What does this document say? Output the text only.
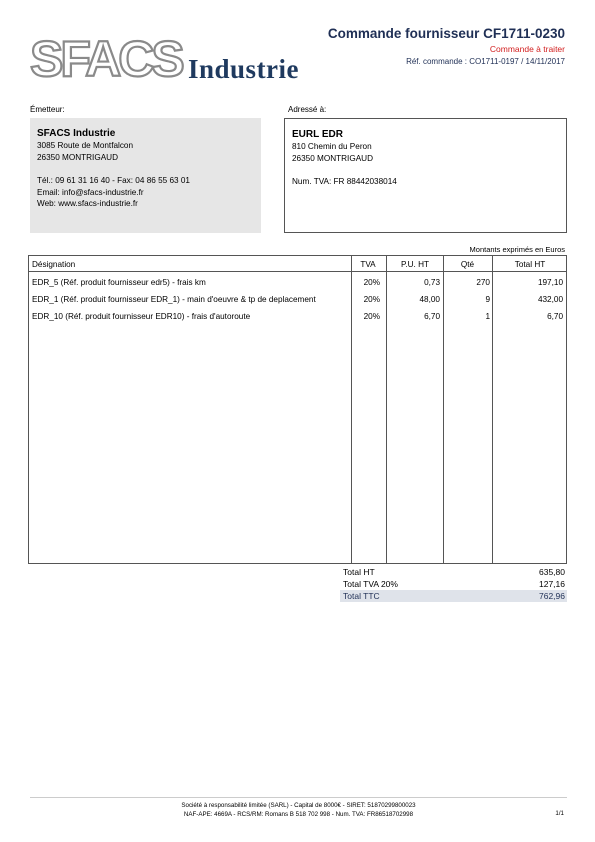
SFACS Industrie
Commande fournisseur CF1711-0230
Commande à traiter
Réf. commande : CO1711-0197 / 14/11/2017
Émetteur:
SFACS Industrie
3085 Route de Montfalcon
26350 MONTRIGAUD
Tél.: 09 61 31 16 40 - Fax: 04 86 55 63 01
Email: info@sfacs-industrie.fr
Web: www.sfacs-industrie.fr
Adressé à:
EURL EDR
810 Chemin du Peron
26350 MONTRIGAUD
Num. TVA: FR 88442038014
Montants exprimés en Euros
Désignation	TVA	P.U. HT	Qté	Total HT
EDR_5 (Réf. produit fournisseur edr5) - frais km	20%	0,73	270	197,10
EDR_1 (Réf. produit fournisseur EDR_1) - main d'oeuvre & tp de deplacement	20%	48,00	9	432,00
EDR_10 (Réf. produit fournisseur EDR10) - frais d'autoroute	20%	6,70	1	6,70
Total HT	635,80
Total TVA 20%	127,16
Total TTC	762,96
Société à responsabilité limitée (SARL) - Capital de 8000€ - SIRET: 51870299800023
NAF-APE: 4669A - RCS/RM: Romans B 518 702 998 - Num. TVA: FR86518702998	1/1
